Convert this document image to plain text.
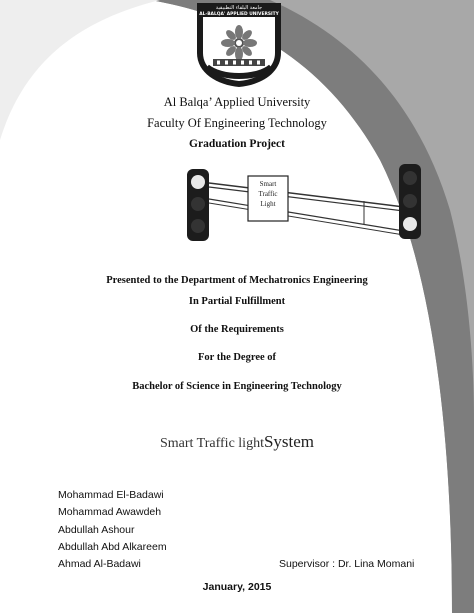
جامعة البلقاء التطبيقية
AL-BALQA' APPLIED UNIVERSITY
Al Balqa’ Applied University
Faculty Of Engineering Technology
Graduation Project
Smart
Traffic
Light
Presented to the Department of Mechatronics Engineering
In Partial Fulfillment
Of the Requirements
For the Degree of
Bachelor of Science in Engineering Technology
Smart Traffic lightSystem
Mohammad El-Badawi
Mohammad Awawdeh
Abdullah Ashour
Abdullah Abd Alkareem
Ahmad Al-Badawi	Supervisor : Dr. Lina Momani
January, 2015
